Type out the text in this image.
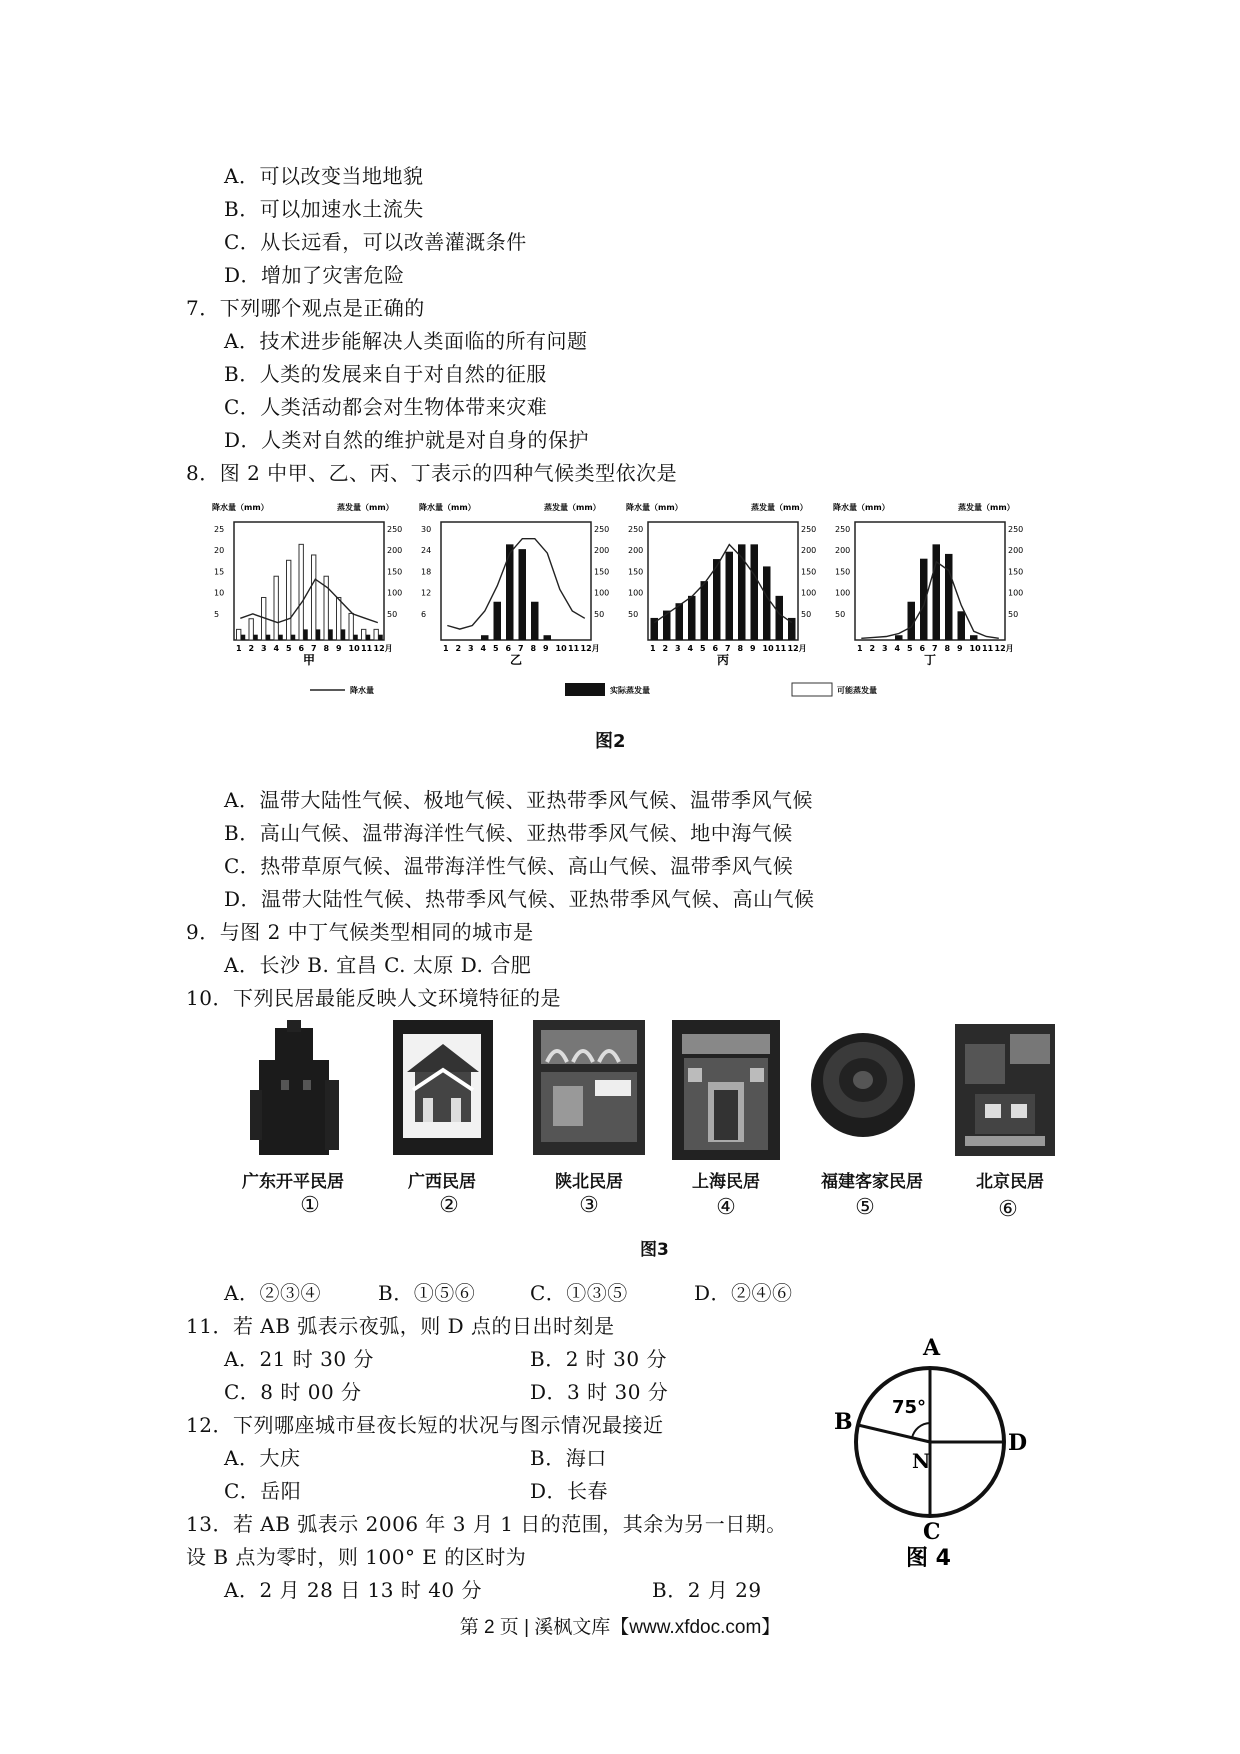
A．可以改变当地地貌
B．可以加速水土流失
C．从长远看，可以改善灌溉条件
D．增加了灾害危险
7．下列哪个观点是正确的
A．技术进步能解决人类面临的所有问题
B．人类的发展来自于对自然的征服
C．人类活动都会对生物体带来灾难
D．人类对自然的维护就是对自身的保护
8．图 2 中甲、乙、丙、丁表示的四种气候类型依次是
降水量（mm）	蒸发量（mm）
25
20
15
10
5
250
200
150
100
50
1 2 3 4 5 6 7 8 9 10 11 12月
甲
降水量（mm）	蒸发量（mm）
30
24
18
12
6
250
200
150
100
50
1 2 3 4 5 6 7 8 9 10 11 12月
乙
降水量（mm）	蒸发量（mm）
250
200
150
100
50
250
200
150
100
50
1 2 3 4 5 6 7 8 9 10 11 12月
丙
降水量（mm）	蒸发量（mm）
250
200
150
100
50
250
200
150
100
50
1 2 3 4 5 6 7 8 9 10 11 12月
丁
降水量	实际蒸发量	可能蒸发量
图2
A．温带大陆性气候、极地气候、亚热带季风气候、温带季风气候
B．高山气候、温带海洋性气候、亚热带季风气候、地中海气候
C．热带草原气候、温带海洋性气候、高山气候、温带季风气候
D．温带大陆性气候、热带季风气候、亚热带季风气候、高山气候
9．与图 2 中丁气候类型相同的城市是
A．长沙 B. 宜昌 C. 太原 D. 合肥
10．下列民居最能反映人文环境特征的是
广东开平民居	广西民居	陕北民居	上海民居	福建客家民居	北京民居
①	②	③	④	⑤	⑥
图3
A．②③④	B．①⑤⑥	C．①③⑤	D．②④⑥
11．若 AB 弧表示夜弧，则 D 点的日出时刻是
A．21 时 30 分	B．2 时 30 分
C．8 时 00 分	D．3 时 30 分
12．下列哪座城市昼夜长短的状况与图示情况最接近
A．大庆	B．海口
C．岳阳	D．长春
13．若 AB 弧表示 2006 年 3 月 1 日的范围，其余为另一日期。
设 B 点为零时，则 100° E 的区时为
A．2 月 28 日 13 时 40 分	B．2 月 29
A
B
D
C
N
75°
图 4
第 2 页 | 溪枫文库【www.xfdoc.com】
